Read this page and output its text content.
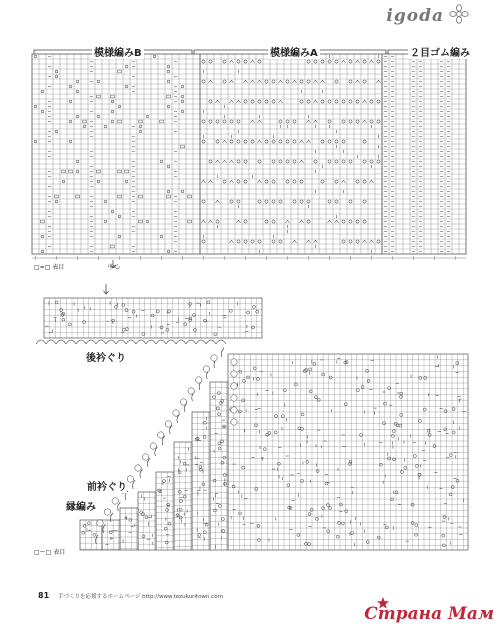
igoda
模様編みB	模様編みA	２目ゴム編み
□=□ 表目	中心
後衿ぐり
前衿ぐり
縁編み
□ー□ 表目
81 手づくりを応援するホームページ http://www.tezukuritown.com
Страна Мам
